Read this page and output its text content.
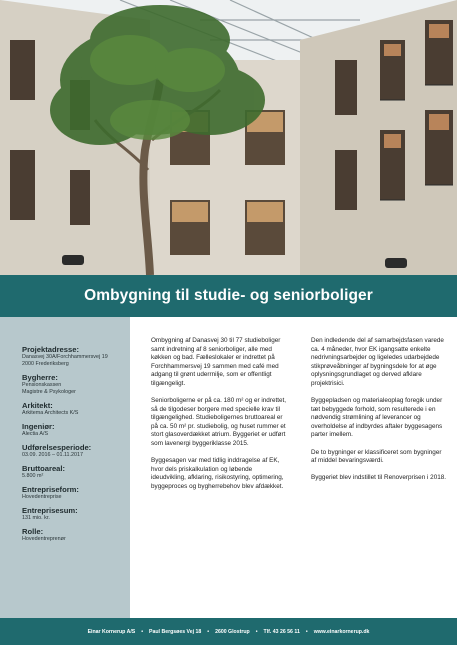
Ombygning til studie- og seniorboliger
Projektadresse:
Danasvej 30A/Forchhammersvej 19
2000 Frederiksberg
Bygherre:
Pensionskassen
Magistre & Psykologer
Arkitekt:
Arkitema Architects K/S
Ingeniør:
Alectia A/S
Udførelsesperiode:
03.09. 2016 – 01.11.2017
Bruttoareal:
5.800 m²
Entrepriseform:
Hovedentreprise
Entreprisesum:
131 mio. kr.
Rolle:
Hovedentreprenør

Ombygning af Danasvej 30 til 77 studieboliger samt indretning af 8 seniorboliger, alle med køkken og bad. Fælleslokaler er indrettet på Forchhammersvej 19 sammen med café med adgang til grønt uderrnilje, som er offentligt tilgængeligt.

Seniorboligerne er på ca. 180 m² og er indrettet, så de tilgodeser borgere med specielle krav til tilgængelighed. Studieboligernes bruttoareal er på ca. 50 m² pr. studiebolig, og huset rummer et stort glasoverdækket atrium. Byggeriet er udført som lavenergi byggeriklasse 2015.

Byggesagen var med tidlig inddragelse af EK, hvor dels priskalkulation og løbende ideudvikling, afklaring, risikostyring, optimering, byggeproces og bygherrebehov blev afdækket.

Den indledende del af samarbejdsfasen varede ca. 4 måneder, hvor EK igangsatte enkelte nedrivningsarbejder og ligeledes udarbejdede stikprøveåbninger af bygningsdele for at øge oplysningsgrundlaget og derved afklare projektrisici.

Byggepladsen og materialeoplag foregik under tæt bebyggede forhold, som resulterede i en nødvendig strømlining af leverancer og overholdelse af indbyrdes aftaler byggesagens parter imellem.

De to bygninger er klassificeret som bygninger af middel bevaringsværdi.

Byggeriet blev indstillet til Renoverprisen i 2018.

Einar Kornerup A/S • Paul Bergsøes Vej 18 • 2600 Glostrup • Tlf. 43 26 56 11 • www.einarkornerup.dk
